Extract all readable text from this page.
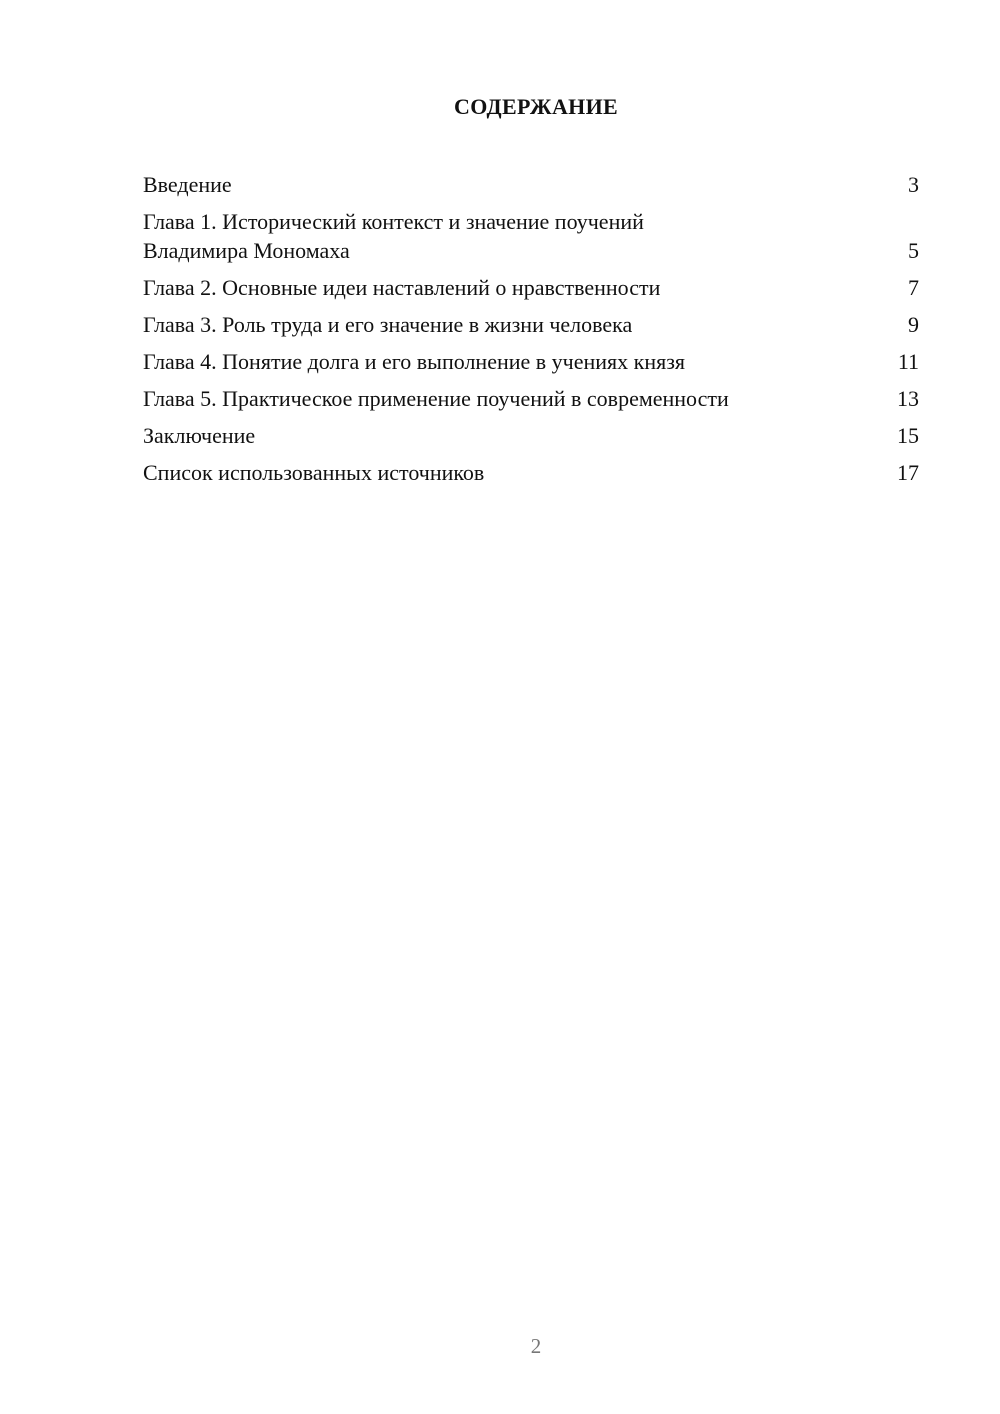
СОДЕРЖАНИЕ
Введение	3
Глава 1. Исторический контекст и значение поучений
Владимира Мономаха	5
Глава 2. Основные идеи наставлений о нравственности	7
Глава 3. Роль труда и его значение в жизни человека	9
Глава 4. Понятие долга и его выполнение в учениях князя	11
Глава 5. Практическое применение поучений в современности	13
Заключение	15
Список использованных источников	17
2
